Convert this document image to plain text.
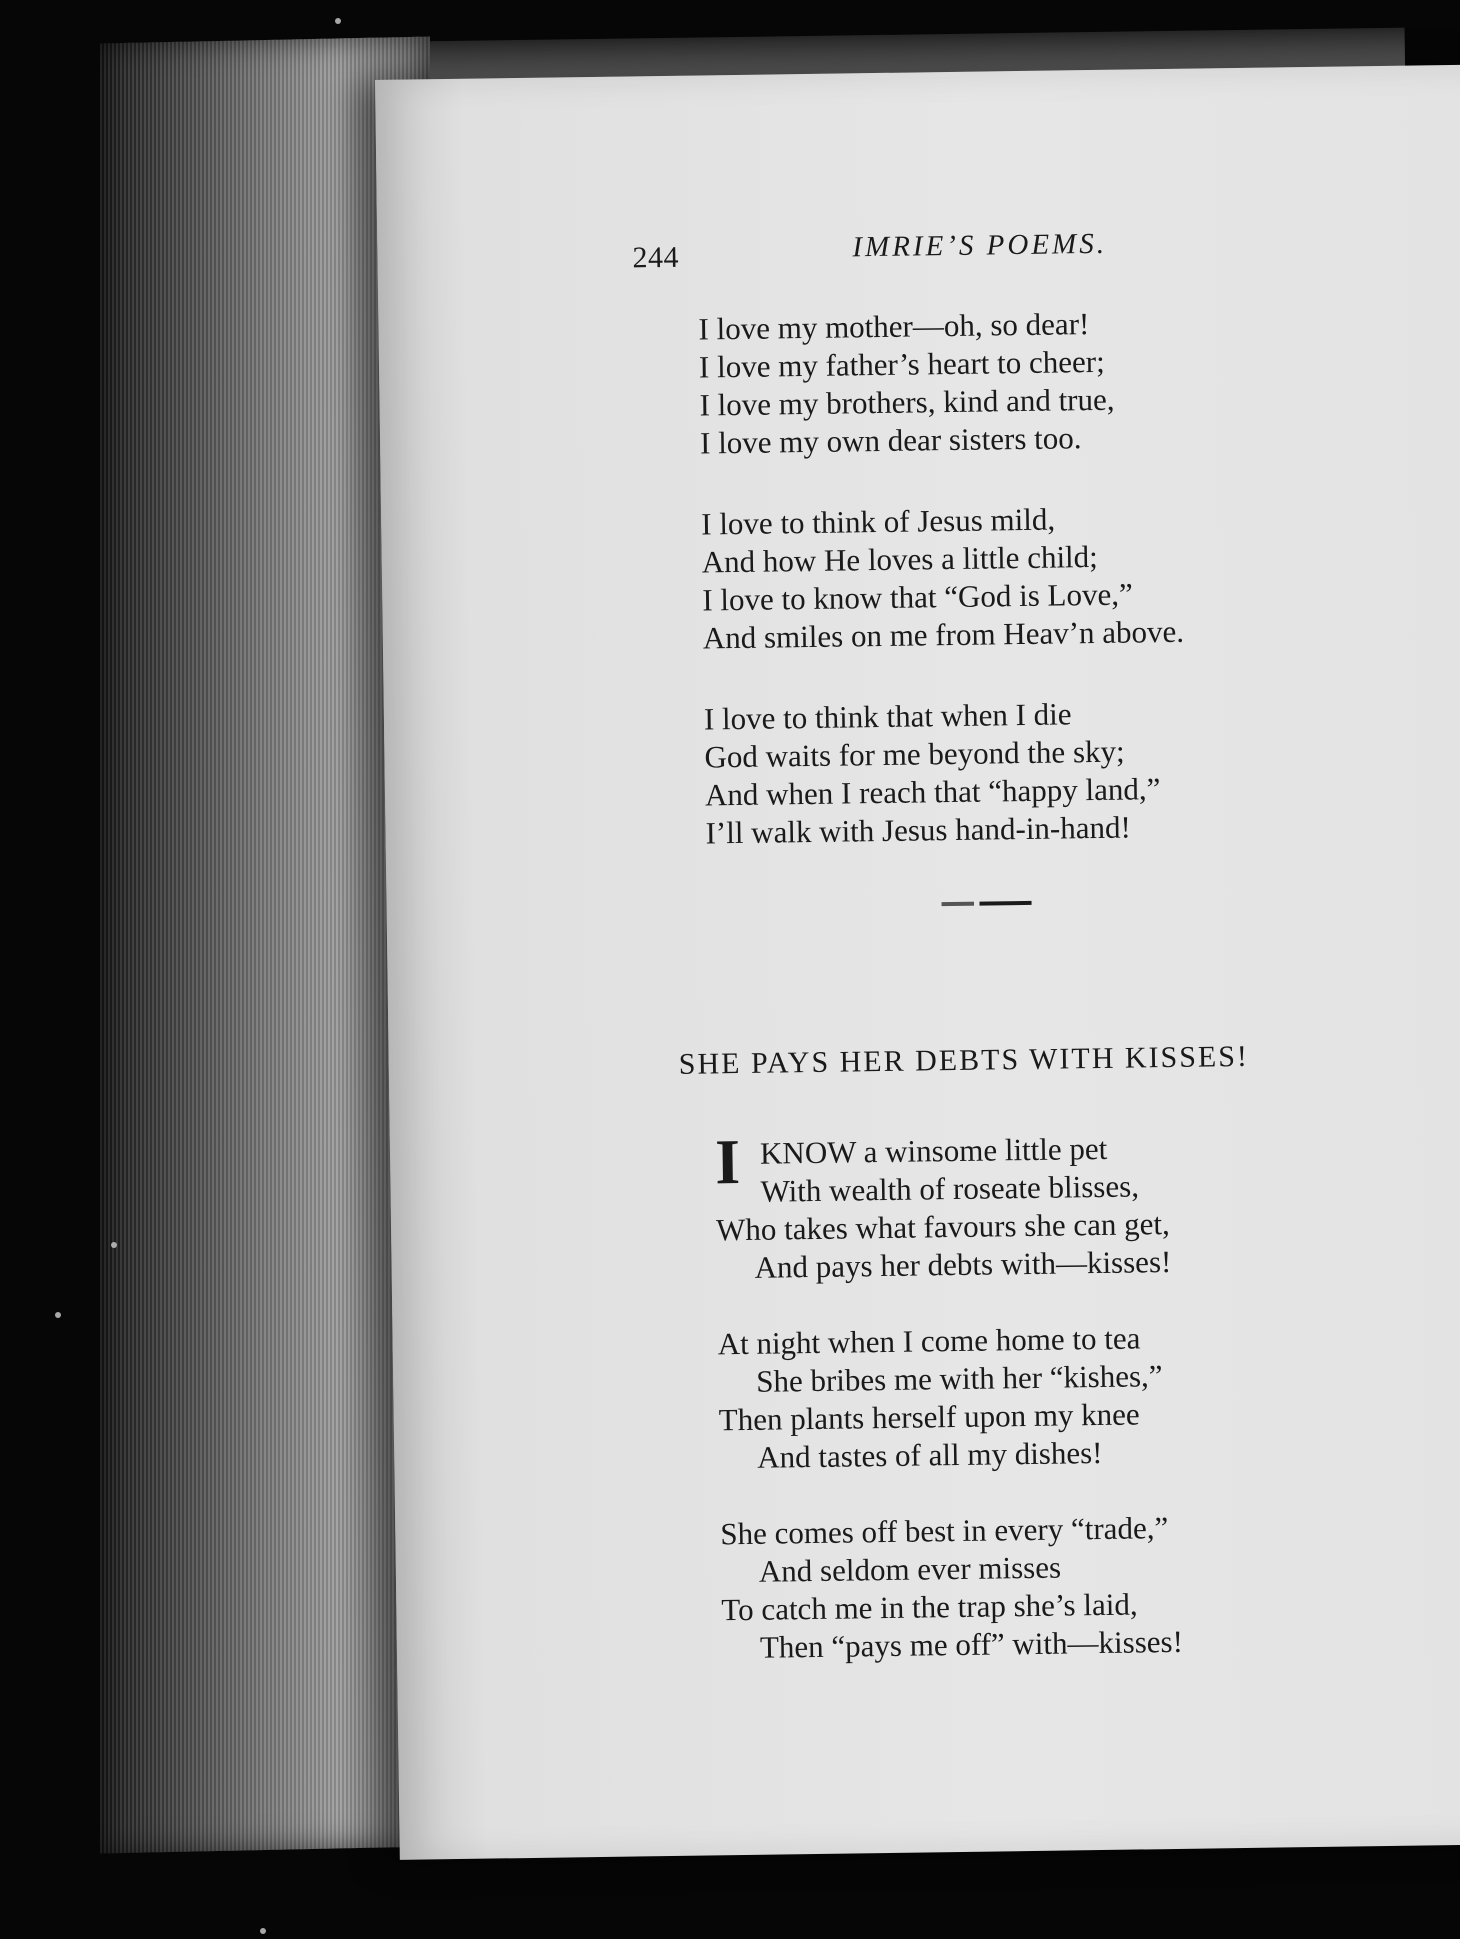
244	IMRIE’S POEMS.
I love my mother—oh, so dear!
I love my father’s heart to cheer;
I love my brothers, kind and true,
I love my own dear sisters too.
I love to think of Jesus mild,
And how He loves a little child;
I love to know that “God is Love,”
And smiles on me from Heav’n above.
I love to think that when I die
God waits for me beyond the sky;
And when I reach that “happy land,”
I’ll walk with Jesus hand-in-hand!
SHE PAYS HER DEBTS WITH KISSES!
I KNOW a winsome little pet
With wealth of roseate blisses,
Who takes what favours she can get,
And pays her debts with—kisses!
At night when I come home to tea
She bribes me with her “kishes,”
Then plants herself upon my knee
And tastes of all my dishes!
She comes off best in every “trade,”
And seldom ever misses
To catch me in the trap she’s laid,
Then “pays me off” with—kisses!
